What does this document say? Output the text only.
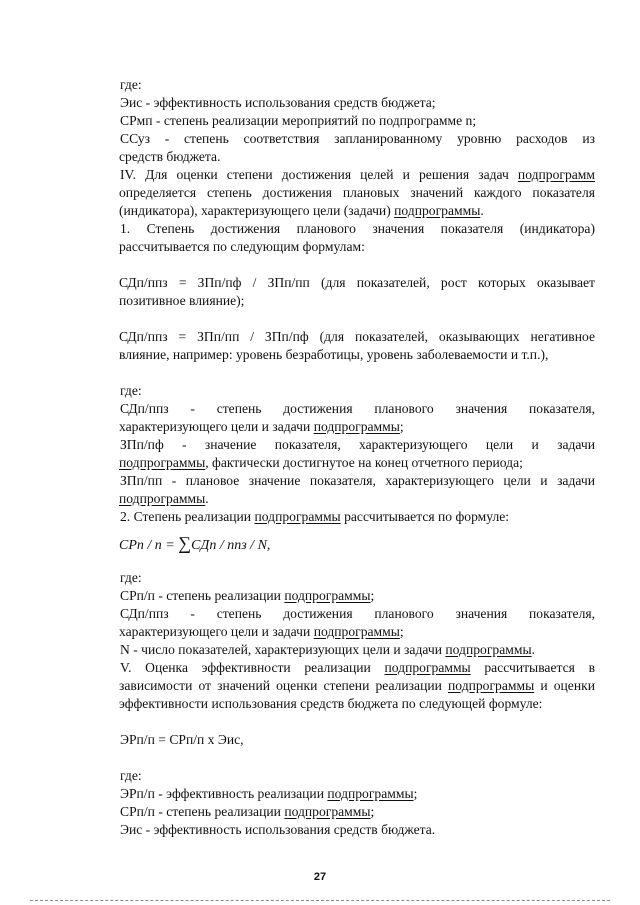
где:
Эис - эффективность использования средств бюджета;
СРмп - степень реализации мероприятий по подпрограмме n;
ССуз - степень соответствия запланированному уровню расходов из
средств бюджета.
IV. Для оценки степени достижения целей и решения задач подпрограмм
определяется степень достижения плановых значений каждого показателя
(индикатора), характеризующего цели (задачи) подпрограммы.
1. Степень достижения планового значения показателя (индикатора)
рассчитывается по следующим формулам:
СДп/ппз = ЗПп/пф / ЗПп/пп (для показателей, рост которых оказывает
позитивное влияние);
СДп/ппз = ЗПп/пп / ЗПп/пф (для показателей, оказывающих негативное
влияние, например: уровень безработицы, уровень заболеваемости и т.п.),
где:
СДп/ппз - степень достижения планового значения показателя,
характеризующего цели и задачи подпрограммы;
ЗПп/пф - значение показателя, характеризующего цели и задачи
подпрограммы, фактически достигнутое на конец отчетного периода;
ЗПп/пп - плановое значение показателя, характеризующего цели и задачи
подпрограммы.
2. Степень реализации подпрограммы рассчитывается по формуле:
СРп / п = ∑СДп / ппз / N,
где:
СРп/п - степень реализации подпрограммы;
СДп/ппз - степень достижения планового значения показателя,
характеризующего цели и задачи подпрограммы;
N - число показателей, характеризующих цели и задачи подпрограммы.
V. Оценка эффективности реализации подпрограммы рассчитывается в
зависимости от значений оценки степени реализации подпрограммы и оценки
эффективности использования средств бюджета по следующей формуле:
ЭРп/п = СРп/п х Эис,
где:
ЭРп/п - эффективность реализации подпрограммы;
СРп/п - степень реализации подпрограммы;
Эис - эффективность использования средств бюджета.
27
